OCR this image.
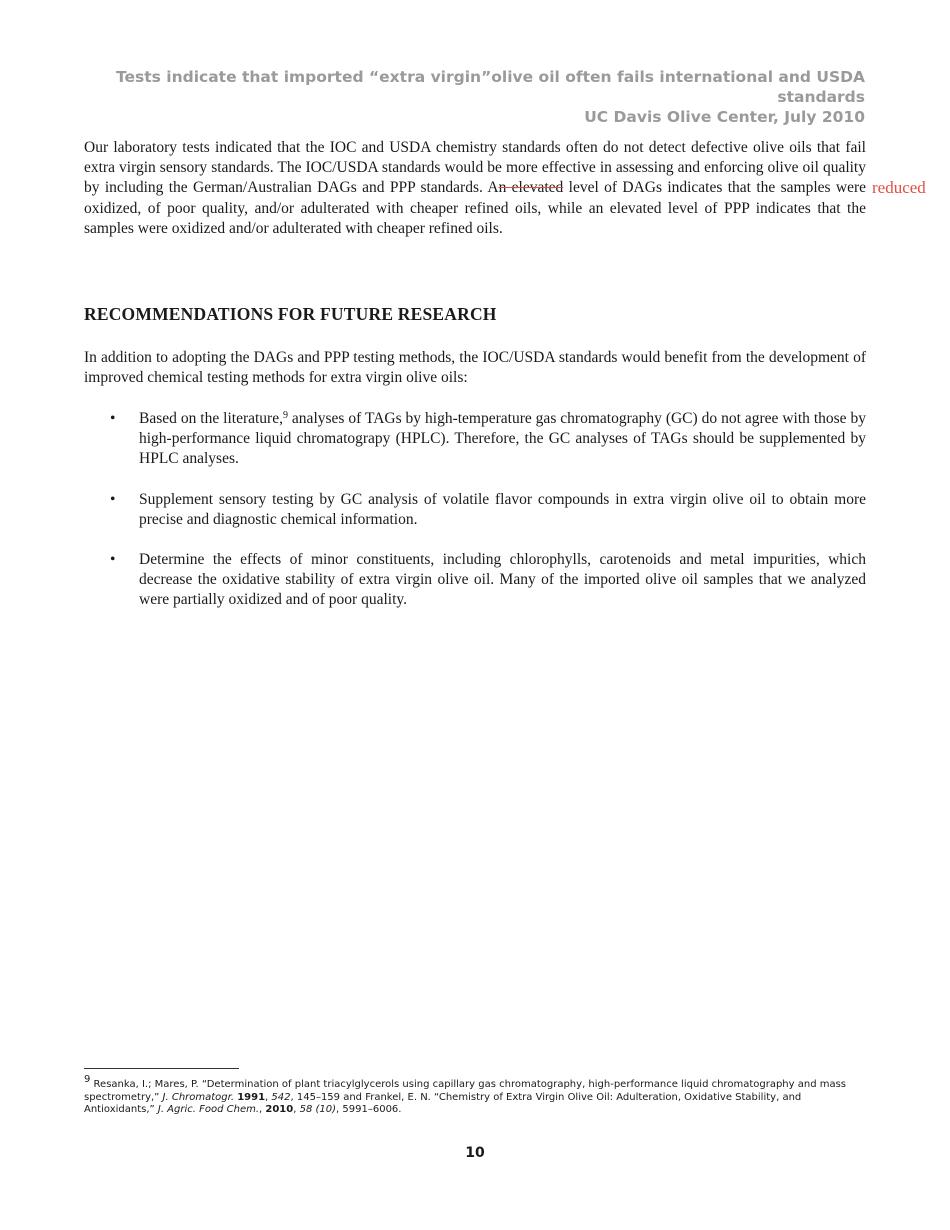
Tests indicate that imported “extra virgin”olive oil often fails international and USDA standards
UC Davis Olive Center, July 2010
Our laboratory tests indicated that the IOC and USDA chemistry standards often do not detect defective olive oils that fail extra virgin sensory standards. The IOC/USDA standards would be more effective in assessing and enforcing olive oil quality by including the German/Australian DAGs and PPP standards. An elevated level of DAGs indicates that the samples were oxidized, of poor quality, and/or adulterated with cheaper refined oils, while an elevated level of PPP indicates that the samples were oxidized and/or adulterated with cheaper refined oils.
reduced
RECOMMENDATIONS FOR FUTURE RESEARCH
In addition to adopting the DAGs and PPP testing methods, the IOC/USDA standards would benefit from the development of improved chemical testing methods for extra virgin olive oils:
• Based on the literature,$^9$ analyses of TAGs by high-temperature gas chromatography (GC) do not agree with those by high-performance liquid chromatograpy (HPLC). Therefore, the GC analyses of TAGs should be supplemented by HPLC analyses.
• Supplement sensory testing by GC analysis of volatile flavor compounds in extra virgin olive oil to obtain more precise and diagnostic chemical information.
• Determine the effects of minor constituents, including chlorophylls, carotenoids and metal impurities, which decrease the oxidative stability of extra virgin olive oil. Many of the imported olive oil samples that we analyzed were partially oxidized and of poor quality.
$^9$ Resanka, I.; Mares, P. “Determination of plant triacylglycerols using capillary gas chromatography, high-performance liquid chromatography and mass spectrometry,” J. Chromatogr. 1991, 542, 145–159 and Frankel, E. N. “Chemistry of Extra Virgin Olive Oil: Adulteration, Oxidative Stability, and Antioxidants,” J. Agric. Food Chem., 2010, 58 (10), 5991–6006.
10
